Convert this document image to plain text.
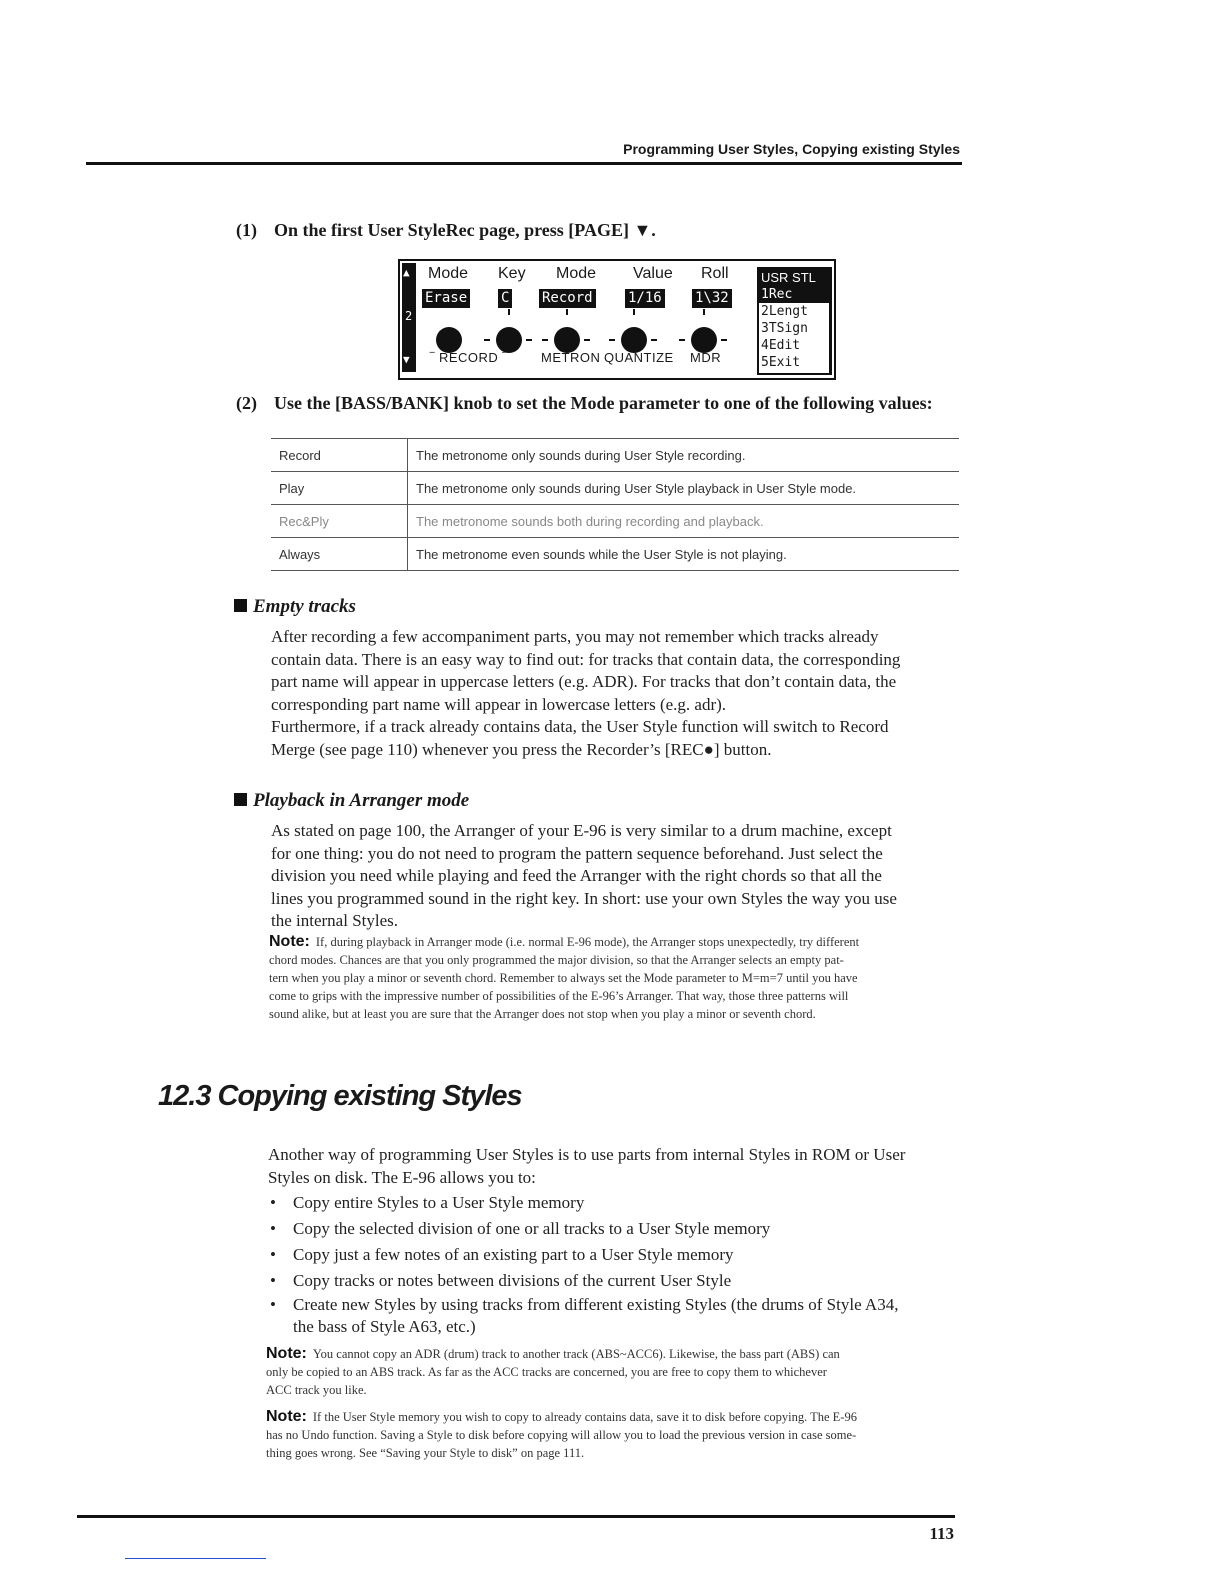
Programming User Styles, Copying existing Styles
(1) On the first User StyleRec page, press [PAGE] ▼.
▲
2
▼
Mode Key Mode Value Roll
Erase C Record	1/16 1\32
‾ RECORD ‾	METRON QUANTIZE MDR
USR STL
1Rec
2Lengt
3TSign
4Edit
5Exit
(2) Use the [BASS/BANK] knob to set the Mode parameter to one of the following values:
Record	The metronome only sounds during User Style recording.
Play	The metronome only sounds during User Style playback in User Style mode.
Rec&Ply	The metronome sounds both during recording and playback.
Always	The metronome even sounds while the User Style is not playing.
Empty tracks
After recording a few accompaniment parts, you may not remember which tracks already
contain data. There is an easy way to find out: for tracks that contain data, the corresponding
part name will appear in uppercase letters (e.g. ADR). For tracks that don’t contain data, the
corresponding part name will appear in lowercase letters (e.g. adr).
Furthermore, if a track already contains data, the User Style function will switch to Record
Merge (see page 110) whenever you press the Recorder’s [REC●] button.
Playback in Arranger mode
As stated on page 100, the Arranger of your E-96 is very similar to a drum machine, except
for one thing: you do not need to program the pattern sequence beforehand. Just select the
division you need while playing and feed the Arranger with the right chords so that all the
lines you programmed sound in the right key. In short: use your own Styles the way you use
the internal Styles.
Note: If, during playback in Arranger mode (i.e. normal E-96 mode), the Arranger stops unexpectedly, try different
chord modes. Chances are that you only programmed the major division, so that the Arranger selects an empty pat-
tern when you play a minor or seventh chord. Remember to always set the Mode parameter to M=m=7 until you have
come to grips with the impressive number of possibilities of the E-96’s Arranger. That way, those three patterns will
sound alike, but at least you are sure that the Arranger does not stop when you play a minor or seventh chord.
12.3 Copying existing Styles
Another way of programming User Styles is to use parts from internal Styles in ROM or User
Styles on disk. The E-96 allows you to:
• Copy entire Styles to a User Style memory
• Copy the selected division of one or all tracks to a User Style memory
• Copy just a few notes of an existing part to a User Style memory
• Copy tracks or notes between divisions of the current User Style
• Create new Styles by using tracks from different existing Styles (the drums of Style A34,
the bass of Style A63, etc.)
Note: You cannot copy an ADR (drum) track to another track (ABS~ACC6). Likewise, the bass part (ABS) can
only be copied to an ABS track. As far as the ACC tracks are concerned, you are free to copy them to whichever
ACC track you like.
Note: If the User Style memory you wish to copy to already contains data, save it to disk before copying. The E-96
has no Undo function. Saving a Style to disk before copying will allow you to load the previous version in case some-
thing goes wrong. See “Saving your Style to disk” on page 111.
113
